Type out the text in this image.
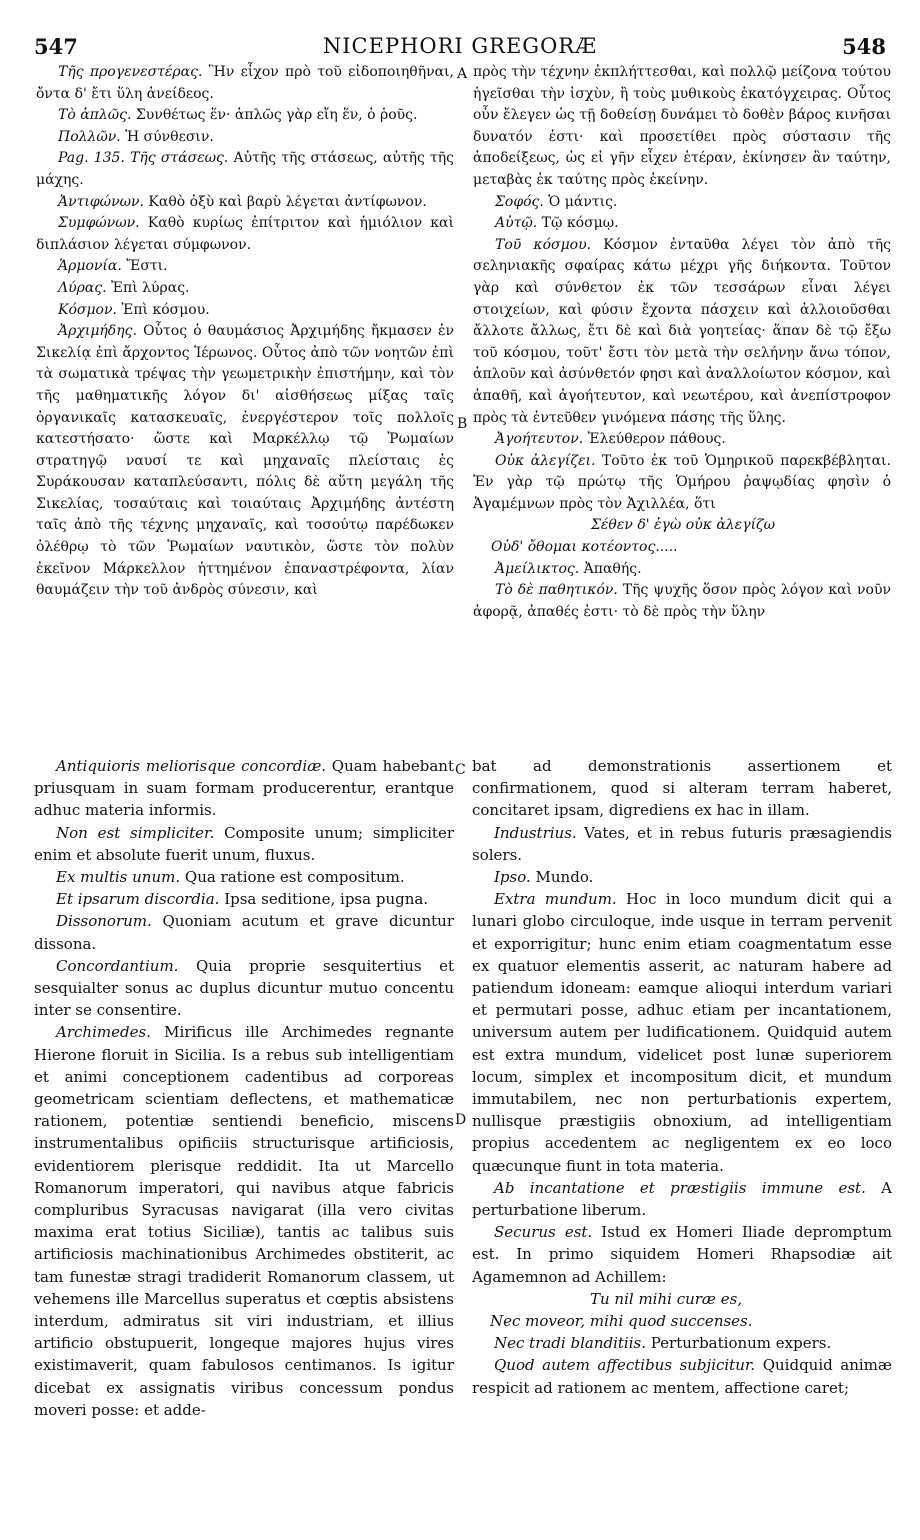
547	NICEPHORI GREGORÆ	548
A
B
C
D

Τῆς προγενεστέρας. Ἣν εἶχον πρὸ τοῦ εἰδοποιηθῆναι, ὄντα δ' ἔτι ὕλη ἀνείδεος.

Τὸ ἁπλῶς. Συνθέτως ἕν· ἁπλῶς γὰρ εἴη ἕν, ὁ ῥοῦς.

Πολλῶν. Ἡ σύνθεσιν.

Pag. 135. Τῆς στάσεως. Αὐτῆς τῆς στάσεως, αὐτῆς τῆς μάχης.

Ἀντιφώνων. Καθὸ ὀξὺ καὶ βαρὺ λέγεται ἀντίφωνον.

Συμφώνων. Καθὸ κυρίως ἐπίτριτον καὶ ἡμιόλιον καὶ διπλάσιον λέγεται σύμφωνον.

Ἁρμονία. Ἔστι.

Λύρας. Ἐπὶ λύρας.

Κόσμον. Ἐπὶ κόσμου.

Ἀρχιμήδης. Οὗτος ὁ θαυμάσιος Ἀρχιμήδης ἤκμασεν ἐν Σικελίᾳ ἐπὶ ἄρχοντος Ἱέρωνος. Οὗτος ἀπὸ τῶν νοητῶν ἐπὶ τὰ σωματικὰ τρέψας τὴν γεωμετρικὴν ἐπιστήμην, καὶ τὸν τῆς μαθηματικῆς λόγον δι' αἰσθήσεως μίξας ταῖς ὀργανικαῖς κατασκευαῖς, ἐνεργέστερον τοῖς πολλοῖς κατεστήσατο· ὥστε καὶ Μαρκέλλῳ τῷ Ῥωμαίων στρατηγῷ ναυσί τε καὶ μηχαναῖς πλείσταις ἐς Συράκουσαν καταπλεύσαντι, πόλις δὲ αὕτη μεγάλη τῆς Σικελίας, τοσαύταις καὶ τοιαύταις Ἀρχιμήδης ἀντέστη ταῖς ἀπὸ τῆς τέχνης μηχαναῖς, καὶ τοσούτῳ παρέδωκεν ὀλέθρῳ τὸ τῶν Ῥωμαίων ναυτικὸν, ὥστε τὸν πολὺν ἐκεῖνον Μάρκελλον ἡττημένον ἐπαναστρέφοντα, λίαν θαυμάζειν τὴν τοῦ ἀνδρὸς σύνεσιν, καὶ

πρὸς τὴν τέχνην ἐκπλήττεσθαι, καὶ πολλῷ μείζονα τούτου ἡγεῖσθαι τὴν ἰσχὺν, ἢ τοὺς μυθικοὺς ἑκατόγχειρας. Οὗτος οὖν ἔλεγεν ὡς τῇ δοθείσῃ δυνάμει τὸ δοθὲν βάρος κινῆσαι δυνατόν ἐστι· καὶ προσετίθει πρὸς σύστασιν τῆς ἀποδείξεως, ὡς εἰ γῆν εἶχεν ἑτέραν, ἐκίνησεν ἂν ταύτην, μεταβὰς ἐκ ταύτης πρὸς ἐκείνην.

Σοφός. Ὁ μάντις.

Αὐτῷ. Τῷ κόσμῳ.

Τοῦ κόσμου. Κόσμον ἐνταῦθα λέγει τὸν ἀπὸ τῆς σεληνιακῆς σφαίρας κάτω μέχρι γῆς διήκοντα. Τοῦτον γὰρ καὶ σύνθετον ἐκ τῶν τεσσάρων εἶναι λέγει στοιχείων, καὶ φύσιν ἔχοντα πάσχειν καὶ ἀλλοιοῦσθαι ἄλλοτε ἄλλως, ἔτι δὲ καὶ διὰ γοητείας· ἅπαν δὲ τῷ ἔξω τοῦ κόσμου, τοῦτ' ἔστι τὸν μετὰ τὴν σελήνην ἄνω τόπον, ἁπλοῦν καὶ ἀσύνθετόν φησι καὶ ἀναλλοίωτον κόσμον, καὶ ἀπαθῆ, καὶ ἀγοήτευτον, καὶ νεωτέρου, καὶ ἀνεπίστροφον πρὸς τὰ ἐντεῦθεν γινόμενα πάσης τῆς ὕλης.

Ἀγοήτευτον. Ἐλεύθερον πάθους.

Οὐκ ἀλεγίζει. Τοῦτο ἐκ τοῦ Ὁμηρικοῦ παρεκβέβληται. Ἐν γὰρ τῷ πρώτῳ τῆς Ὁμήρου ῥαψῳδίας φησὶν ὁ Ἀγαμέμνων πρὸς τὸν Ἀχιλλέα, ὅτι

Σέθεν δ' ἐγὼ οὐκ ἀλεγίζω

Οὐδ' ὄθομαι κοτέοντος.....

Ἀμείλικτος. Ἀπαθής.

Τὸ δὲ παθητικόν. Τῆς ψυχῆς ὅσον πρὸς λόγον καὶ νοῦν ἀφορᾷ, ἀπαθές ἐστι· τὸ δὲ πρὸς τὴν ὕλην

Antiquioris meliorisque concordiæ. Quam habebant priusquam in suam formam producerentur, erantque adhuc materia informis.

Non est simpliciter. Composite unum; simpliciter enim et absolute fuerit unum, fluxus.

Ex multis unum. Qua ratione est compositum.

Et ipsarum discordia. Ipsa seditione, ipsa pugna.

Dissonorum. Quoniam acutum et grave dicuntur dissona.

Concordantium. Quia proprie sesquitertius et sesquialter sonus ac duplus dicuntur mutuo concentu inter se consentire.

Archimedes. Mirificus ille Archimedes regnante Hierone floruit in Sicilia. Is a rebus sub intelligentiam et animi conceptionem cadentibus ad corporeas geometricam scientiam deflectens, et mathematicæ rationem, potentiæ sentiendi beneficio, miscens instrumentalibus opificiis structurisque artificiosis, evidentiorem plerisque reddidit. Ita ut Marcello Romanorum imperatori, qui navibus atque fabricis compluribus Syracusas navigarat (illa vero civitas maxima erat totius Siciliæ), tantis ac talibus suis artificiosis machinationibus Archimedes obstiterit, ac tam funestæ stragi tradiderit Romanorum classem, ut vehemens ille Marcellus superatus et cœptis absistens interdum, admiratus sit viri industriam, et illius artificio obstupuerit, longeque majores hujus vires existimaverit, quam fabulosos centimanos. Is igitur dicebat ex assignatis viribus concessum pondus moveri posse: et adde-

bat ad demonstrationis assertionem et confirmationem, quod si alteram terram haberet, concitaret ipsam, digrediens ex hac in illam.

Industrius. Vates, et in rebus futuris præsagiendis solers.

Ipso. Mundo.

Extra mundum. Hoc in loco mundum dicit qui a lunari globo circuloque, inde usque in terram pervenit et exporrigitur; hunc enim etiam coagmentatum esse ex quatuor elementis asserit, ac naturam habere ad patiendum idoneam: eamque alioqui interdum variari et permutari posse, adhuc etiam per incantationem, universum autem per ludificationem. Quidquid autem est extra mundum, videlicet post lunæ superiorem locum, simplex et incompositum dicit, et mundum immutabilem, nec non perturbationis expertem, nullisque præstigiis obnoxium, ad intelligentiam propius accedentem ac negligentem ex eo loco quæcunque fiunt in tota materia.

Ab incantatione et præstigiis immune est. A perturbatione liberum.

Securus est. Istud ex Homeri Iliade depromptum est. In primo siquidem Homeri Rhapsodiæ ait Agamemnon ad Achillem:

Tu nil mihi curæ es,

Nec moveor, mihi quod succenses.

Nec tradi blanditiis. Perturbationum expers.

Quod autem affectibus subjicitur. Quidquid animæ respicit ad rationem ac mentem, affectione caret;
